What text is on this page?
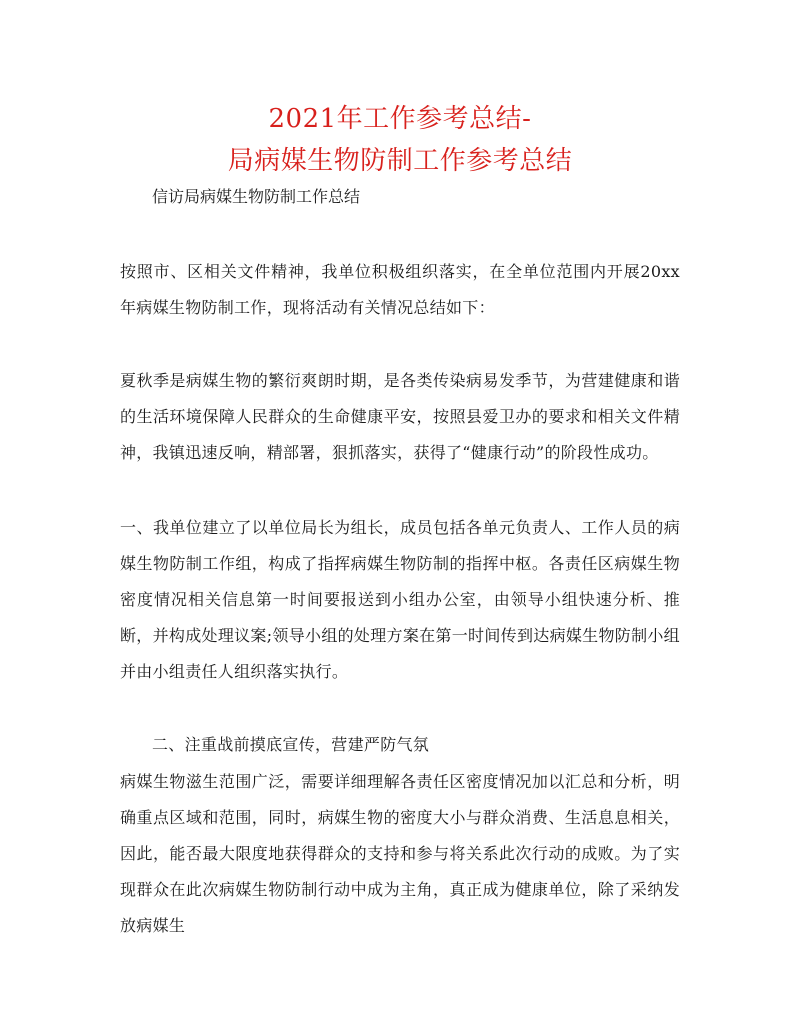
2021年工作参考总结-
局病媒生物防制工作参考总结
信访局病媒生物防制工作总结

按照市、区相关文件精神，我单位积极组织落实，在全单位范围内开展20xx年病媒生物防制工作，现将活动有关情况总结如下：

夏秋季是病媒生物的繁衍爽朗时期，是各类传染病易发季节，为营建健康和谐的生活环境保障人民群众的生命健康平安，按照县爱卫办的要求和相关文件精神，我镇迅速反响，精部署，狠抓落实，获得了“健康行动”的阶段性成功。

一、我单位建立了以单位局长为组长，成员包括各单元负责人、工作人员的病媒生物防制工作组，构成了指挥病媒生物防制的指挥中枢。各责任区病媒生物密度情况相关信息第一时间要报送到小组办公室，由领导小组快速分析、推断，并构成处理议案;领导小组的处理方案在第一时间传到达病媒生物防制小组并由小组责任人组织落实执行。

二、注重战前摸底宣传，营建严防气氛

病媒生物滋生范围广泛，需要详细理解各责任区密度情况加以汇总和分析，明确重点区域和范围，同时，病媒生物的密度大小与群众消费、生活息息相关，因此，能否最大限度地获得群众的支持和参与将关系此次行动的成败。为了实现群众在此次病媒生物防制行动中成为主角，真正成为健康单位，除了采纳发放病媒生
